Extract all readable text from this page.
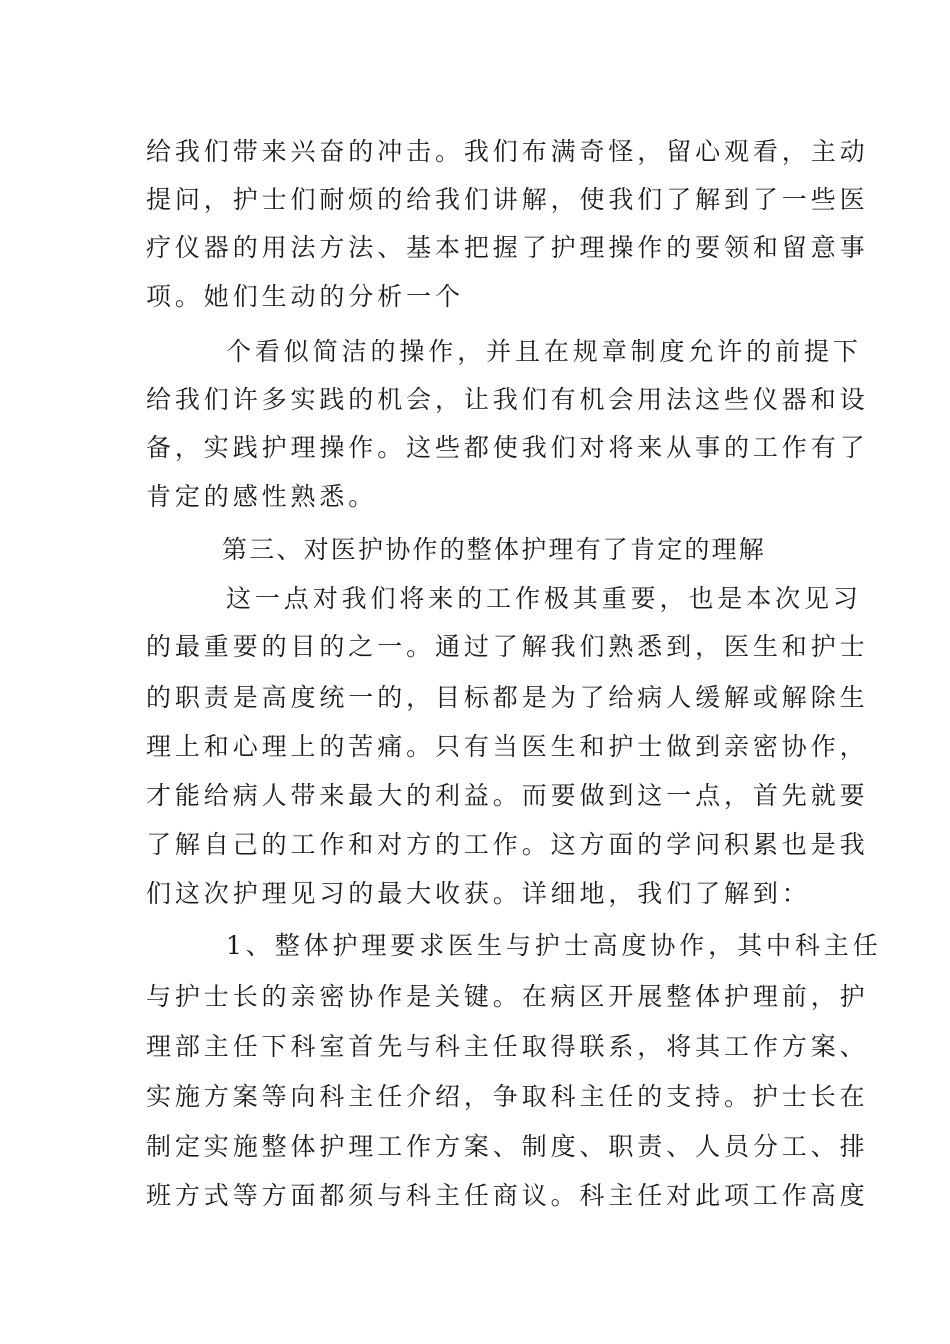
给我们带来兴奋的冲击。我们布满奇怪，留心观看，主动
提问，护士们耐烦的给我们讲解，使我们了解到了一些医
疗仪器的用法方法、基本把握了护理操作的要领和留意事
项。她们生动的分析一个
个看似简洁的操作，并且在规章制度允许的前提下
给我们许多实践的机会，让我们有机会用法这些仪器和设
备，实践护理操作。这些都使我们对将来从事的工作有了
肯定的感性熟悉。
第三、对医护协作的整体护理有了肯定的理解
这一点对我们将来的工作极其重要，也是本次见习
的最重要的目的之一。通过了解我们熟悉到，医生和护士
的职责是高度统一的，目标都是为了给病人缓解或解除生
理上和心理上的苦痛。只有当医生和护士做到亲密协作，
才能给病人带来最大的利益。而要做到这一点，首先就要
了解自己的工作和对方的工作。这方面的学问积累也是我
们这次护理见习的最大收获。详细地，我们了解到：
1、整体护理要求医生与护士高度协作，其中科主任
与护士长的亲密协作是关键。在病区开展整体护理前，护
理部主任下科室首先与科主任取得联系，将其工作方案、
实施方案等向科主任介绍，争取科主任的支持。护士长在
制定实施整体护理工作方案、制度、职责、人员分工、排
班方式等方面都须与科主任商议。科主任对此项工作高度
